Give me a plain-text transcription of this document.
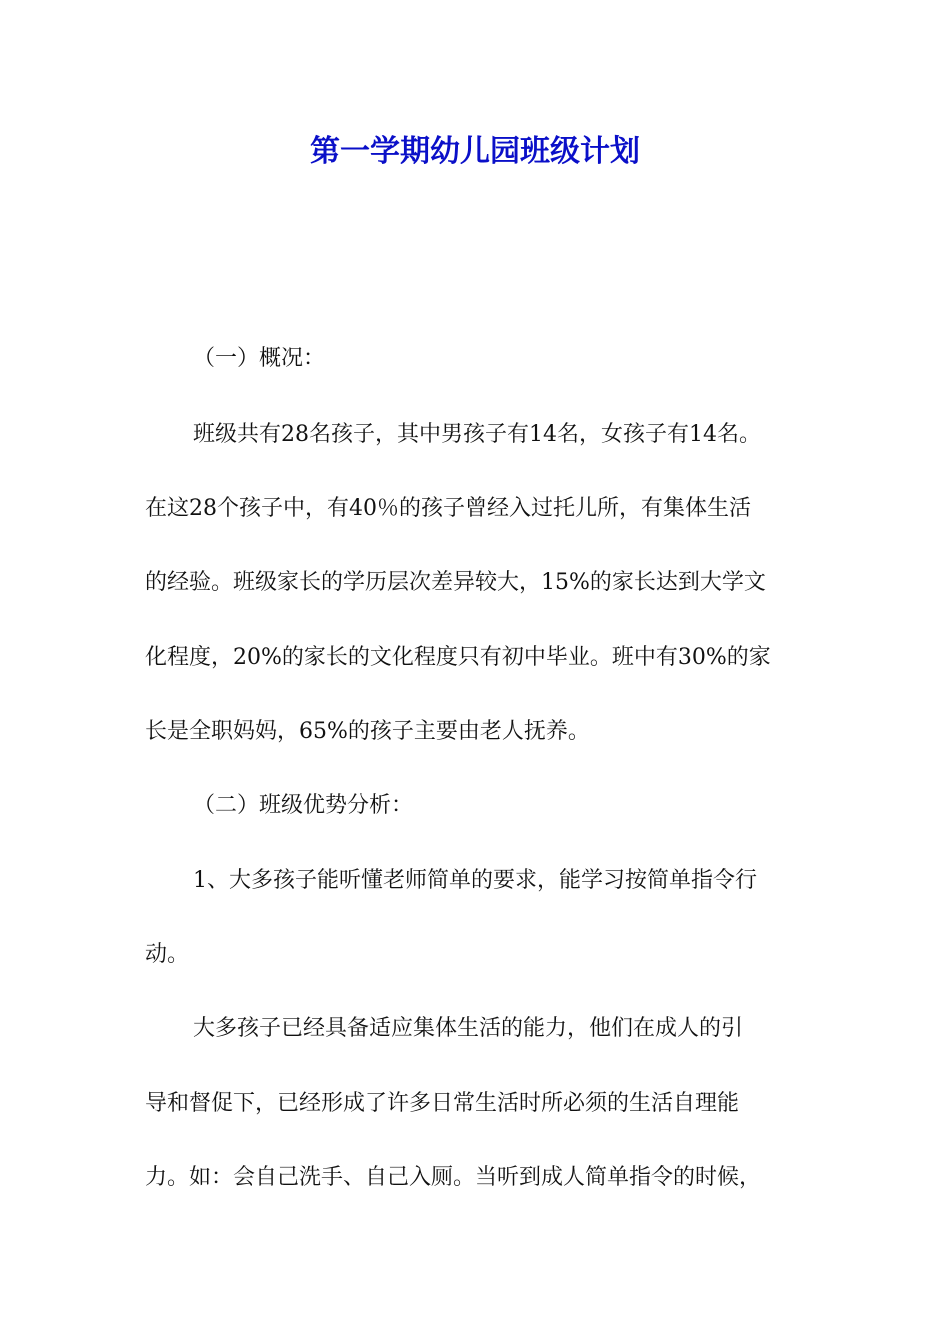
第一学期幼儿园班级计划

（一）概况：

班级共有28名孩子，其中男孩子有14名，女孩子有14名。

在这28个孩子中，有40％的孩子曾经入过托儿所，有集体生活

的经验。班级家长的学历层次差异较大，15%的家长达到大学文

化程度，20%的家长的文化程度只有初中毕业。班中有30%的家

长是全职妈妈，65%的孩子主要由老人抚养。

（二）班级优势分析：

1、大多孩子能听懂老师简单的要求，能学习按简单指令行

动。

大多孩子已经具备适应集体生活的能力，他们在成人的引

导和督促下，已经形成了许多日常生活时所必须的生活自理能

力。如：会自己洗手、自己入厕。当听到成人简单指令的时候，
